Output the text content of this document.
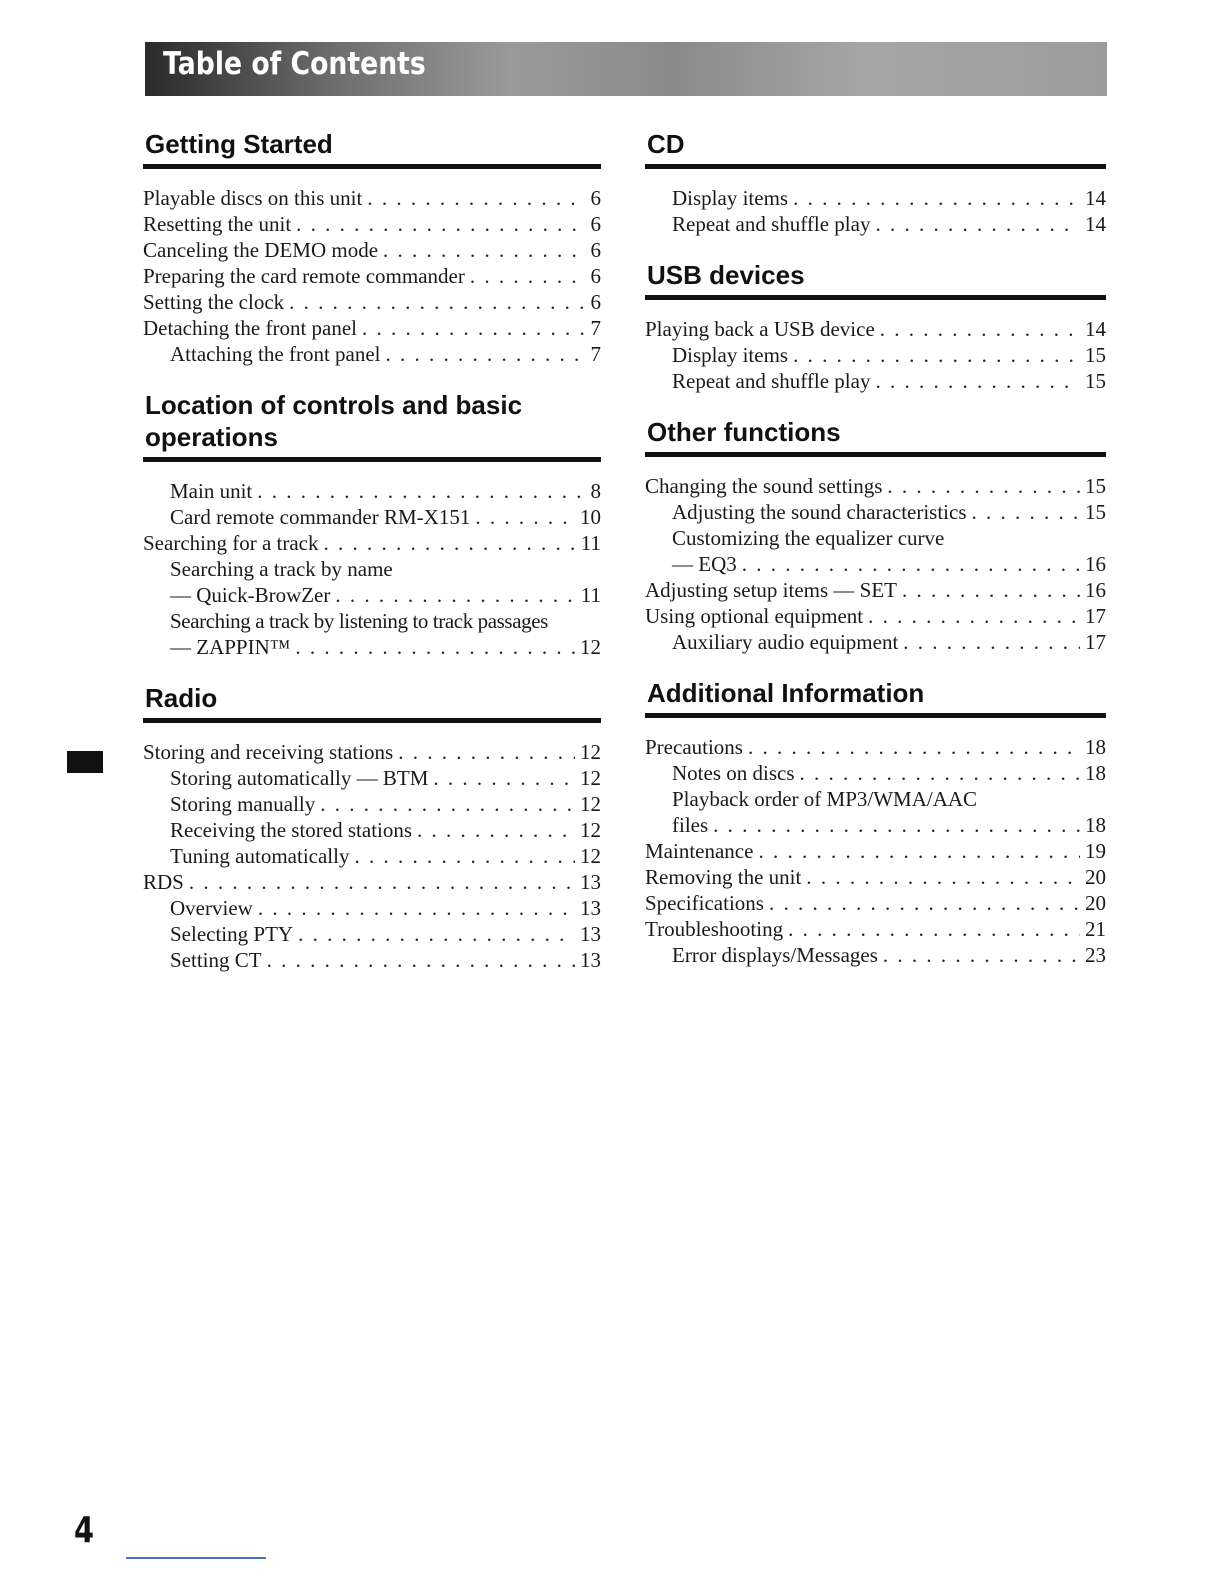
Table of Contents
Getting Started
Playable discs on this unit . . .	6
Resetting the unit . . .	6
Canceling the DEMO mode . . .	6
Preparing the card remote commander . . .	6
Setting the clock . . .	6
Detaching the front panel . . .	7
Attaching the front panel . . .	7
Location of controls and basic
operations
Main unit . . .	8
Card remote commander RM-X151 . . .	10
Searching for a track . . .	11
Searching a track by name
— Quick-BrowZer . . .	11
Searching a track by listening to track passages
— ZAPPIN™ . . .	12
Radio
Storing and receiving stations . . .	12
Storing automatically — BTM . . .	12
Storing manually . . .	12
Receiving the stored stations . . .	12
Tuning automatically . . .	12
RDS . . .	13
Overview . . .	13
Selecting PTY . . .	13
Setting CT . . .	13
CD
Display items . . .	14
Repeat and shuffle play . . .	14
USB devices
Playing back a USB device . . .	14
Display items . . .	15
Repeat and shuffle play . . .	15
Other functions
Changing the sound settings . . .	15
Adjusting the sound characteristics . . .	15
Customizing the equalizer curve
— EQ3 . . .	16
Adjusting setup items — SET . . .	16
Using optional equipment . . .	17
Auxiliary audio equipment . . .	17
Additional Information
Precautions . . .	18
Notes on discs . . .	18
Playback order of MP3/WMA/AAC
files . . .	18
Maintenance . . .	19
Removing the unit . . .	20
Specifications . . .	20
Troubleshooting . . .	21
Error displays/Messages . . .	23
4
